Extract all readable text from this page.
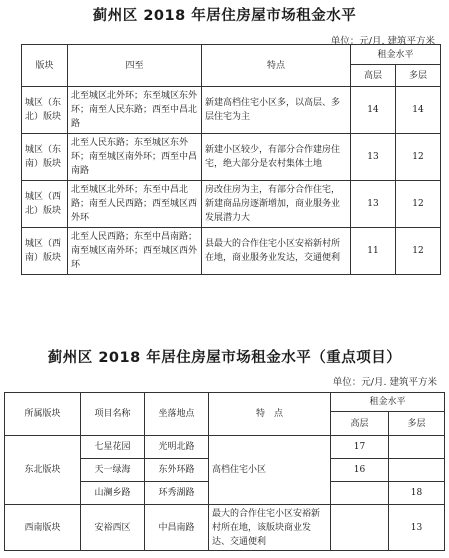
蓟州区 2018 年居住房屋市场租金水平
单位：元/月. 建筑平方米
版块	四至	特点	租金水平	
			高层	多层
城区（东北）版块	北至城区北外环；东至城区东外环；南至人民东路；西至中昌北路	新建高档住宅小区多，以高层、多层住宅为主	14	14
城区（东南）版块	北至人民东路；东至城区东外环；南至城区南外环；西至中昌南路	新建小区较少，有部分合作建房住宅，绝大部分是农村集体土地	13	12
城区（西北）版块	北至城区北外环；东至中昌北路；南至人民西路；西至城区西外环	房改住房为主，有部分合作住宅，新建商品房逐渐增加，商业服务业发展潜力大	13	12
城区（西南）版块	北至人民西路；东至中昌南路；南至城区南外环；西至城区西外环	县最大的合作住宅小区安裕新村所在地，商业服务业发达，交通便利	11	12
蓟州区 2018 年居住房屋市场租金水平（重点项目）
单位：元/月. 建筑平方米
所属版块	项目名称	坐落地点	特　点	租金水平	
				高层	多层
东北版块	七星花园	光明北路	高档住宅小区	17	
	天一绿海	东外环路		16	
	山澜乡路	环秀湖路			18
西南版块	安裕西区	中昌南路	最大的合作住宅小区安裕新村所在地，该版块商业发达、交通便利		13
